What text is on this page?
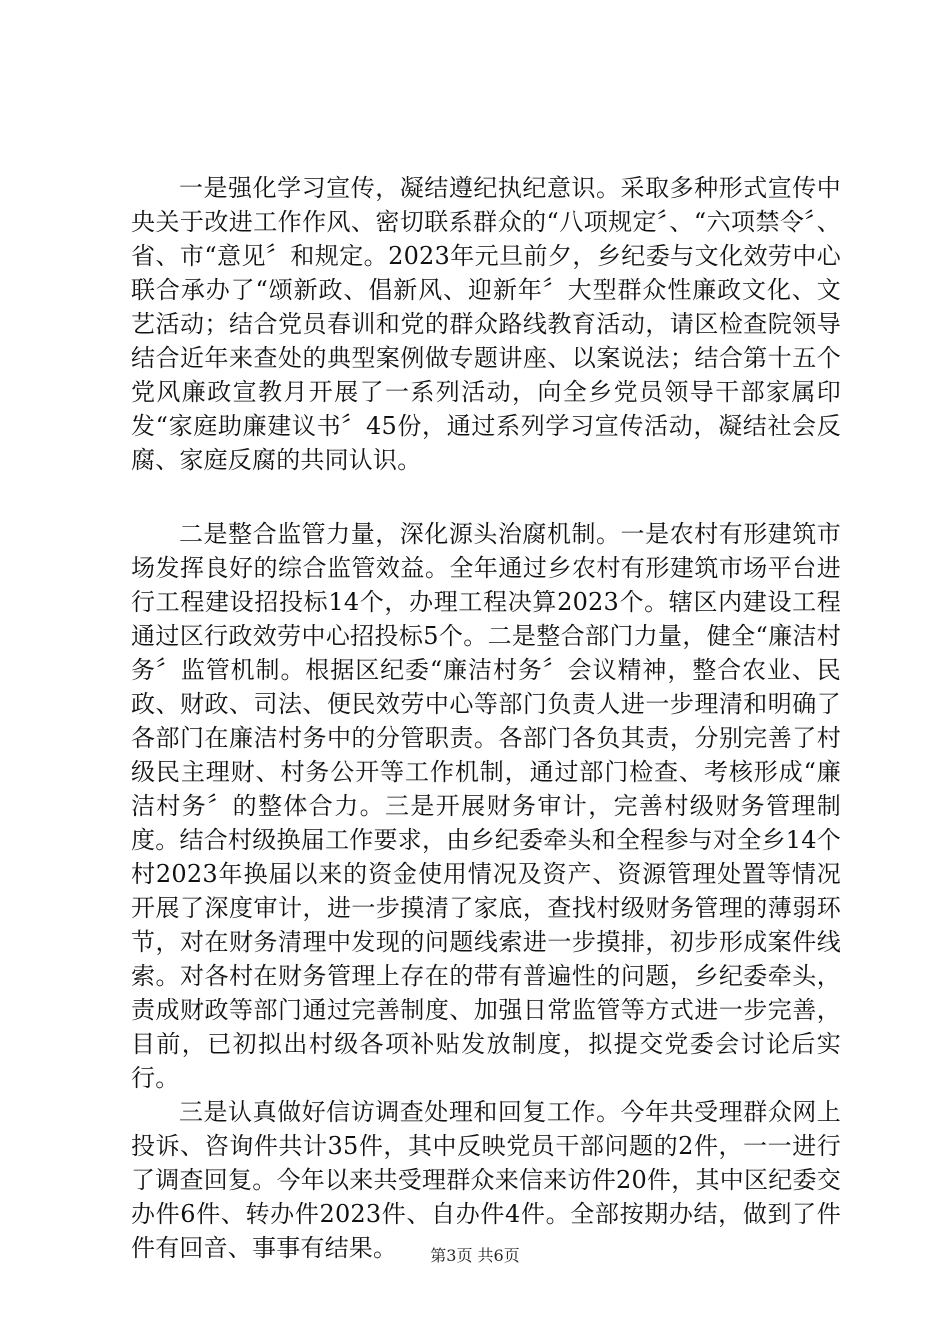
一是强化学习宣传，凝结遵纪执纪意识。采取多种形式宣传中央关于改进工作作风、密切联系群众的“八项规定〞、“六项禁令〞、省、市“意见〞和规定。2023年元旦前夕，乡纪委与文化效劳中心联合承办了“颂新政、倡新风、迎新年〞大型群众性廉政文化、文艺活动；结合党员春训和党的群众路线教育活动，请区检查院领导结合近年来查处的典型案例做专题讲座、以案说法；结合第十五个党风廉政宣教月开展了一系列活动，向全乡党员领导干部家属印发“家庭助廉建议书〞45份，通过系列学习宣传活动，凝结社会反腐、家庭反腐的共同认识。

二是整合监管力量，深化源头治腐机制。一是农村有形建筑市场发挥良好的综合监管效益。全年通过乡农村有形建筑市场平台进行工程建设招投标14个，办理工程决算2023个。辖区内建设工程通过区行政效劳中心招投标5个。二是整合部门力量，健全“廉洁村务〞监管机制。根据区纪委“廉洁村务〞会议精神，整合农业、民政、财政、司法、便民效劳中心等部门负责人进一步理清和明确了各部门在廉洁村务中的分管职责。各部门各负其责，分别完善了村级民主理财、村务公开等工作机制，通过部门检查、考核形成“廉洁村务〞的整体合力。三是开展财务审计，完善村级财务管理制度。结合村级换届工作要求，由乡纪委牵头和全程参与对全乡14个村2023年换届以来的资金使用情况及资产、资源管理处置等情况开展了深度审计，进一步摸清了家底，查找村级财务管理的薄弱环节，对在财务清理中发现的问题线索进一步摸排，初步形成案件线索。对各村在财务管理上存在的带有普遍性的问题，乡纪委牵头，责成财政等部门通过完善制度、加强日常监管等方式进一步完善，目前，已初拟出村级各项补贴发放制度，拟提交党委会讨论后实行。

三是认真做好信访调查处理和回复工作。今年共受理群众网上投诉、咨询件共计35件，其中反映党员干部问题的2件，一一进行了调查回复。今年以来共受理群众来信来访件20件，其中区纪委交办件6件、转办件2023件、自办件4件。全部按期办结，做到了件件有回音、事事有结果。	第3页 共6页
